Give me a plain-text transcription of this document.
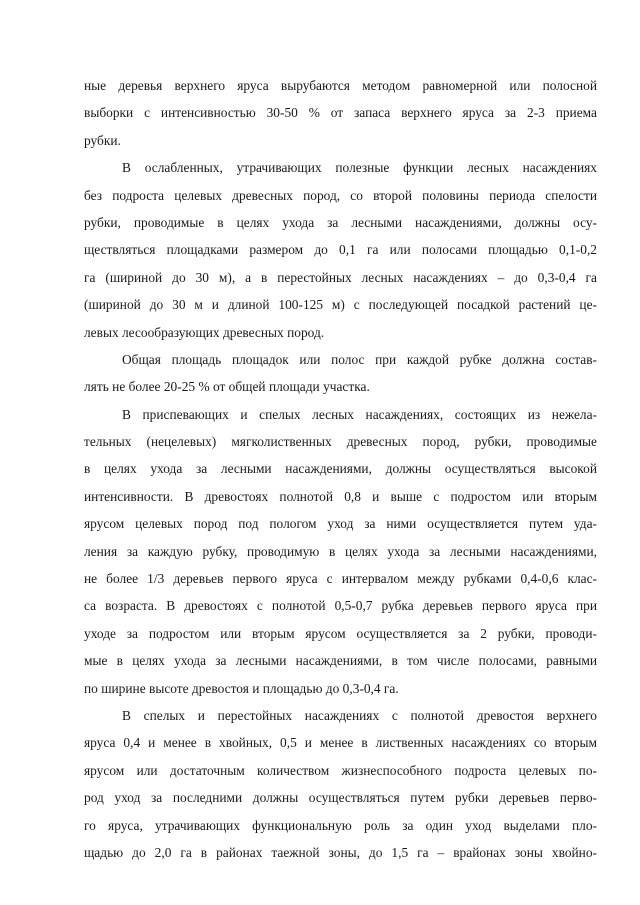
ные деревья верхнего яруса вырубаются методом равномерной или полосной
выборки с интенсивностью 30-50 % от запаса верхнего яруса за 2-3 приема
рубки.
В ослабленных, утрачивающих полезные функции лесных насаждениях
без подроста целевых древесных пород, со второй половины периода спелости
рубки, проводимые в целях ухода за лесными насаждениями, должны осу-
ществляться площадками размером до 0,1 га или полосами площадью 0,1-0,2
га (шириной до 30 м), а в перестойных лесных насаждениях – до 0,3-0,4 га
(шириной до 30 м и длиной 100-125 м) с последующей посадкой растений це-
левых лесообразующих древесных пород.
Общая площадь площадок или полос при каждой рубке должна состав-
лять не более 20-25 % от общей площади участка.
В приспевающих и спелых лесных насаждениях, состоящих из нежела-
тельных (нецелевых) мягколиственных древесных пород, рубки, проводимые
в целях ухода за лесными насаждениями, должны осуществляться высокой
интенсивности. В древостоях полнотой 0,8 и выше с подростом или вторым
ярусом целевых пород под пологом уход за ними осуществляется путем уда-
ления за каждую рубку, проводимую в целях ухода за лесными насаждениями,
не более 1/3 деревьев первого яруса с интервалом между рубками 0,4-0,6 клас-
са возраста. В древостоях с полнотой 0,5-0,7 рубка деревьев первого яруса при
уходе за подростом или вторым ярусом осуществляется за 2 рубки, проводи-
мые в целях ухода за лесными насаждениями, в том числе полосами, равными
по ширине высоте древостоя и площадью до 0,3-0,4 га.
В спелых и перестойных насаждениях с полнотой древостоя верхнего
яруса 0,4 и менее в хвойных, 0,5 и менее в лиственных насаждениях со вторым
ярусом или достаточным количеством жизнеспособного подроста целевых по-
род уход за последними должны осуществляться путем рубки деревьев перво-
го яруса, утрачивающих функциональную роль за один уход выделами пло-
щадью до 2,0 га в районах таежной зоны, до 1,5 га – врайонах зоны хвойно-
